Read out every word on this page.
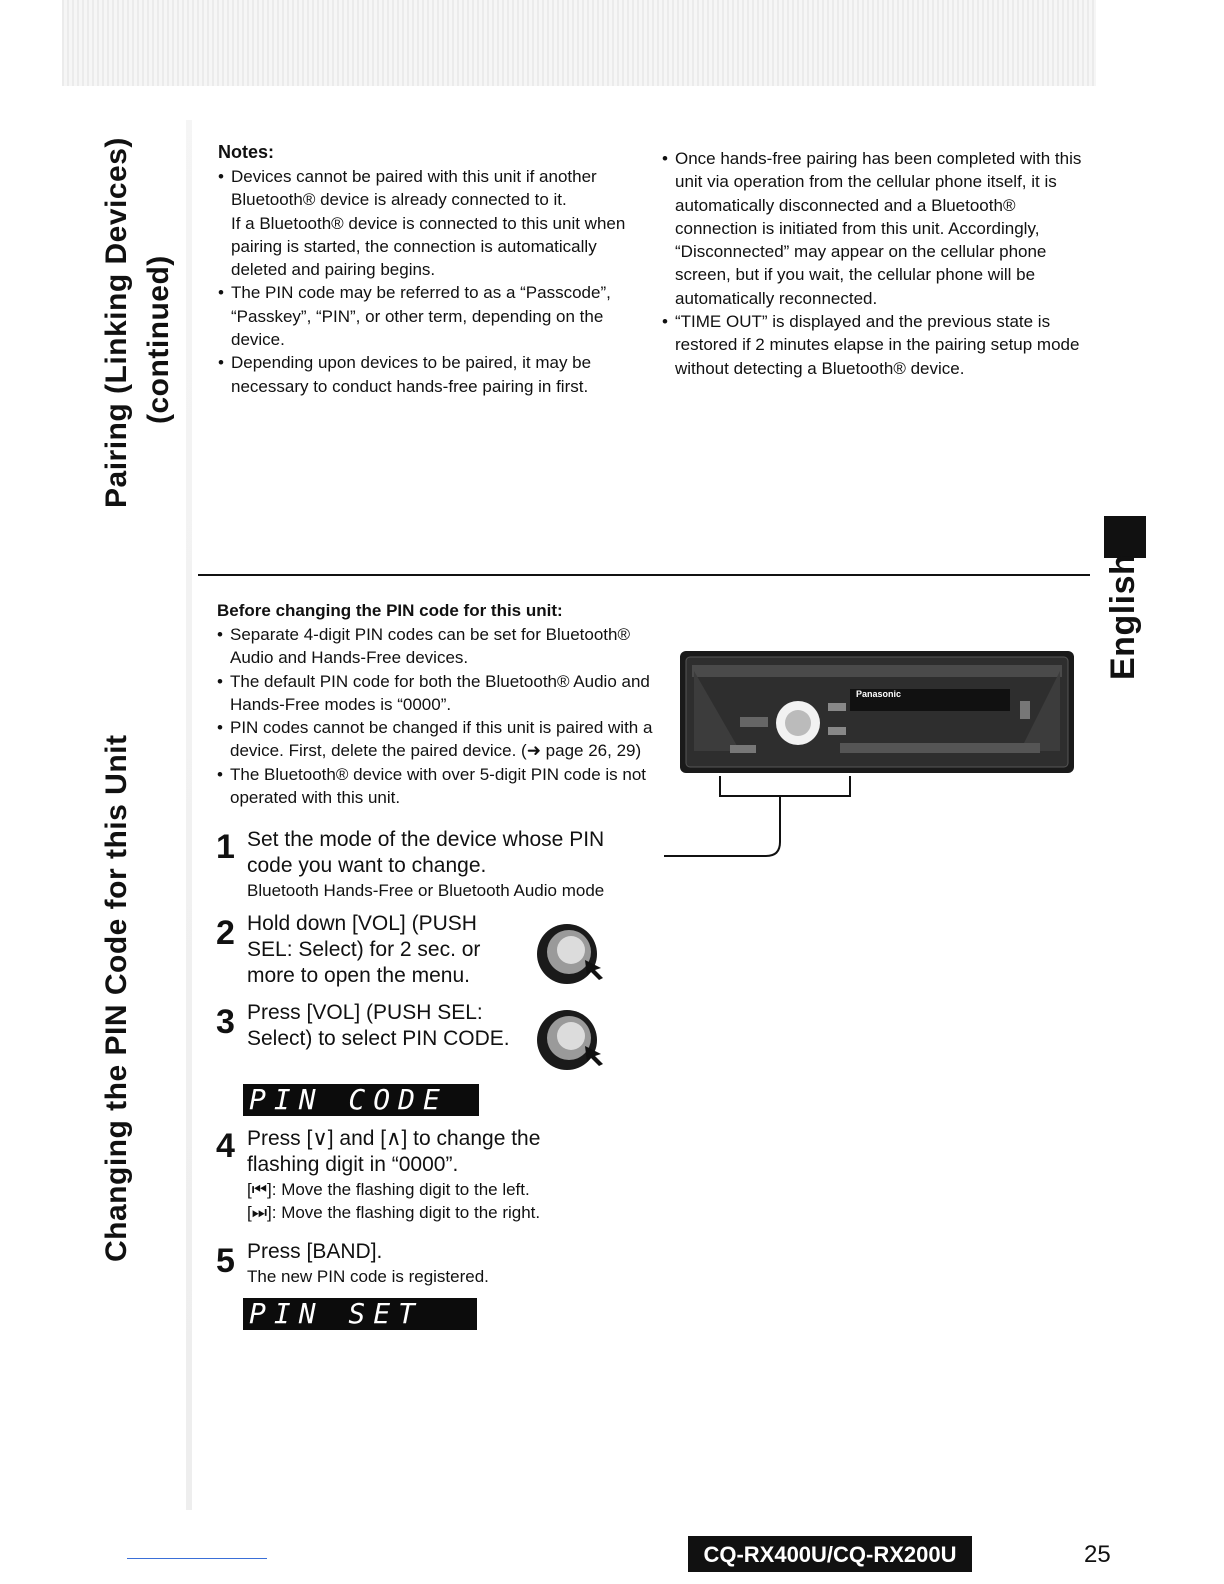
Pairing (Linking Devices) (continued)
Changing the PIN Code for this Unit
English
Notes:

• Devices cannot be paired with this unit if another Bluetooth® device is already connected to it.

If a Bluetooth® device is connected to this unit when pairing is started, the connection is automatically deleted and pairing begins.

• The PIN code may be referred to as a “Passcode”, “Passkey”, “PIN”, or other term, depending on the device.

• Depending upon devices to be paired, it may be necessary to conduct hands-free pairing in first.

• Once hands-free pairing has been completed with this unit via operation from the cellular phone itself, it is automatically disconnected and a Bluetooth® connection is initiated from this unit. Accordingly, “Disconnected” may appear on the cellular phone screen, but if you wait, the cellular phone will be automatically reconnected.

• “TIME OUT” is displayed and the previous state is restored if 2 minutes elapse in the pairing setup mode without detecting a Bluetooth® device.

Before changing the PIN code for this unit:

• Separate 4-digit PIN codes can be set for Bluetooth® Audio and Hands-Free devices.

• The default PIN code for both the Bluetooth® Audio and Hands-Free modes is “0000”.

• PIN codes cannot be changed if this unit is paired with a device. First, delete the paired device. (➜ page 26, 29)

• The Bluetooth® device with over 5-digit PIN code is not operated with this unit.

Panasonic
1 Set the mode of the device whose PIN
code you want to change.
Bluetooth Hands-Free or Bluetooth Audio mode
2 Hold down [VOL] (PUSH
SEL: Select) for 2 sec. or
more to open the menu.
3 Press [VOL] (PUSH SEL:
Select) to select PIN CODE.
PIN CODE
4 Press [∨] and [∧] to change the
flashing digit in “0000”.
[⏮]: Move the flashing digit to the left.
[⏭]: Move the flashing digit to the right.
5 Press [BAND].
The new PIN code is registered.
PIN SET
CQ-RX400U/CQ-RX200U	25
